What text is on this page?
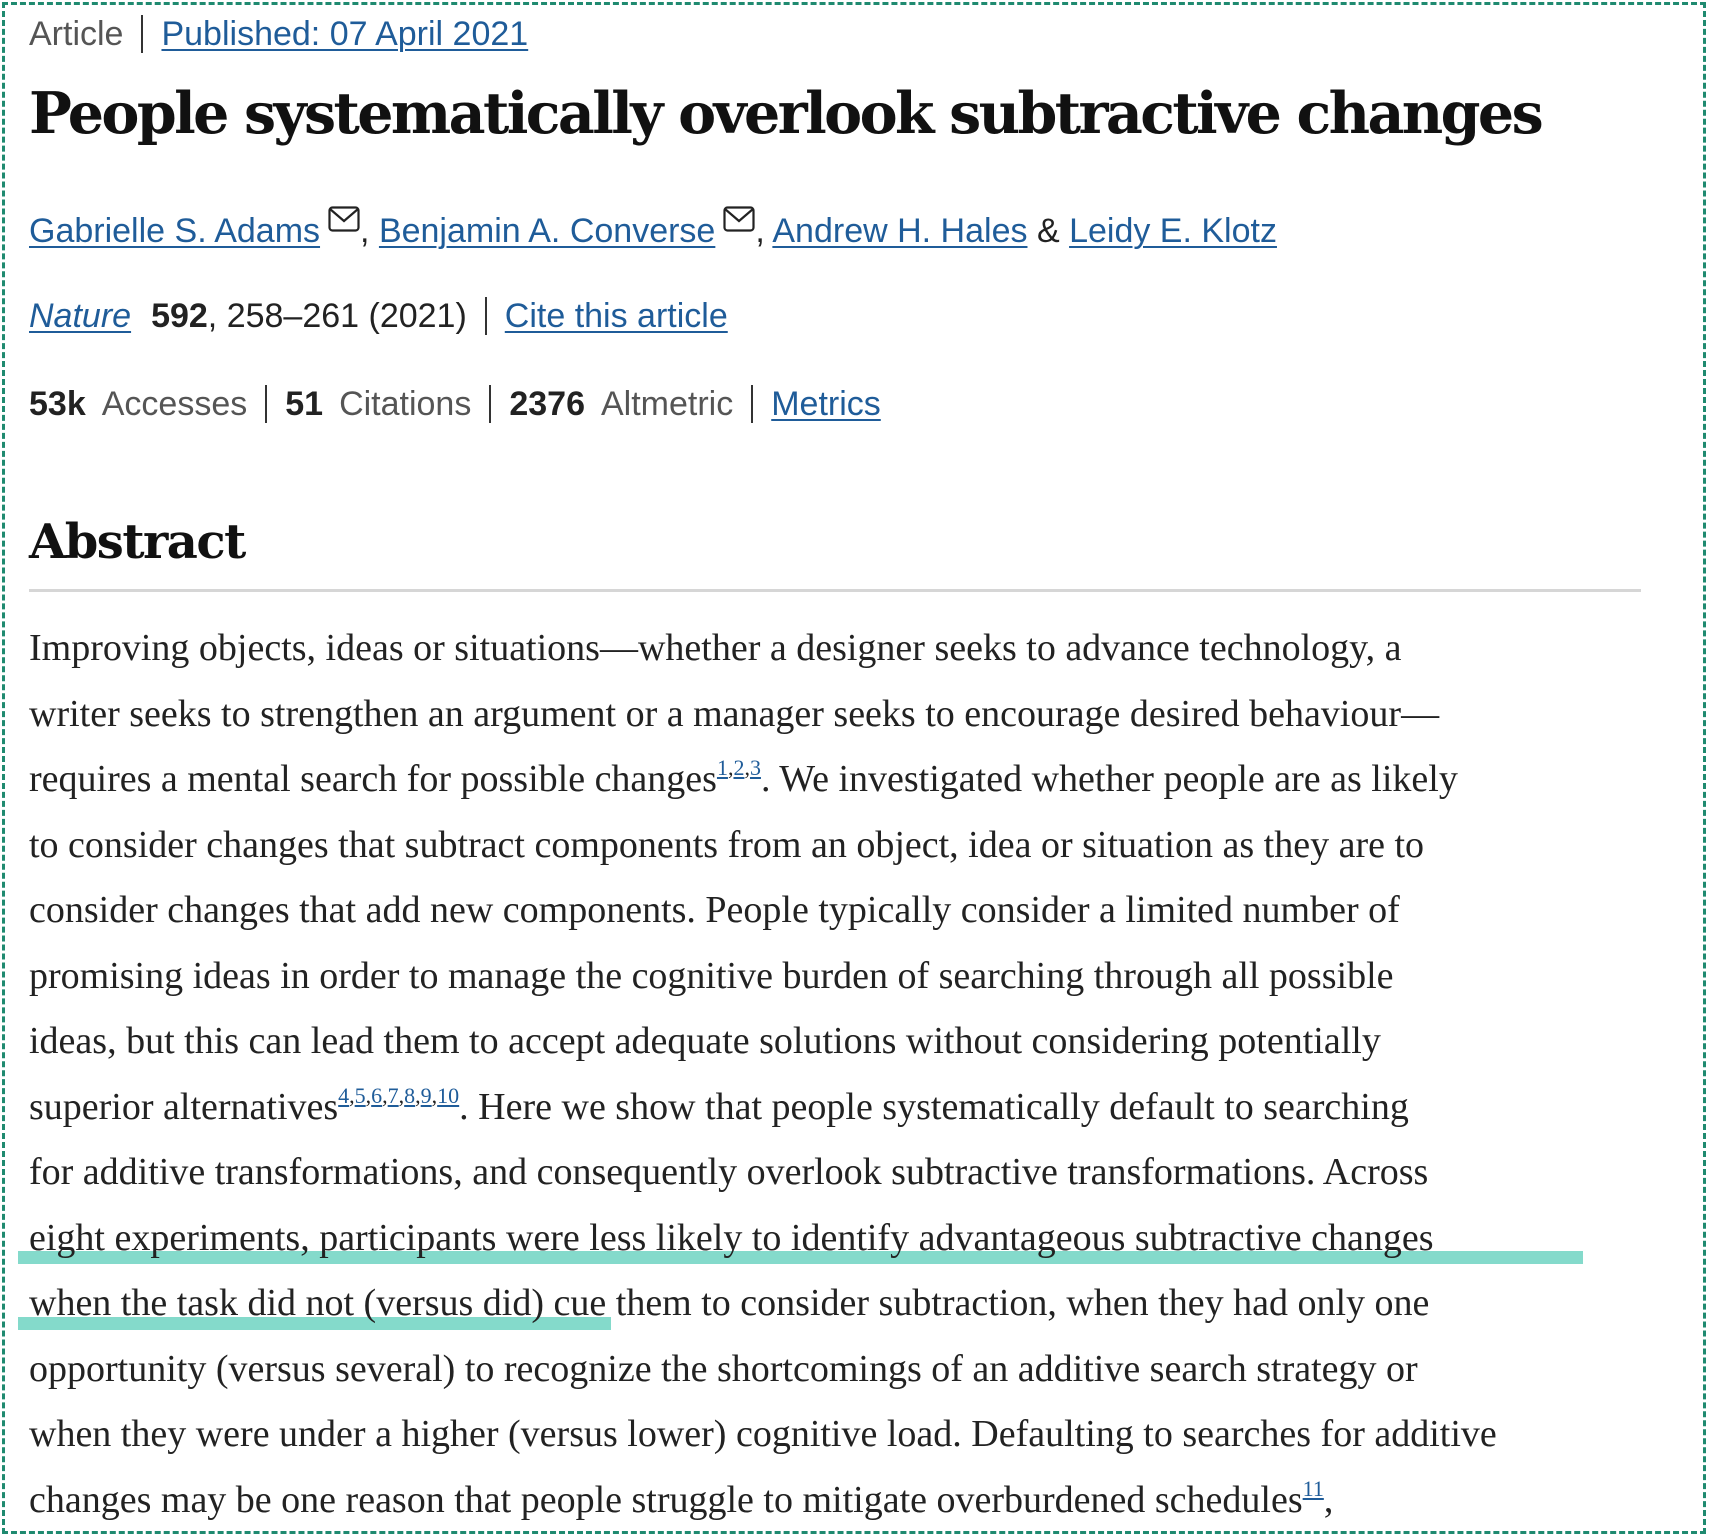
Article Published: 07 April 2021
People systematically overlook subtractive changes
Gabrielle S. Adams , Benjamin A. Converse , Andrew H. Hales & Leidy E. Klotz
Nature 592 , 258–261 (2021) Cite this article
53k Accesses 51 Citations 2376 Altmetric Metrics
Abstract
Improving objects, ideas or situations—whether a designer seeks to advance technology, a
writer seeks to strengthen an argument or a manager seeks to encourage desired behaviour—
requires a mental search for possible changes$^{1,2,3}$. We investigated whether people are as likely
to consider changes that subtract components from an object, idea or situation as they are to
consider changes that add new components. People typically consider a limited number of
promising ideas in order to manage the cognitive burden of searching through all possible
ideas, but this can lead them to accept adequate solutions without considering potentially
superior alternatives$^{4,5,6,7,8,9,10}$. Here we show that people systematically default to searching
for additive transformations, and consequently overlook subtractive transformations. Across
eight experiments, participants were less likely to identify advantageous subtractive changes
when the task did not (versus did) cue them to consider subtraction, when they had only one
opportunity (versus several) to recognize the shortcomings of an additive search strategy or
when they were under a higher (versus lower) cognitive load. Defaulting to searches for additive
changes may be one reason that people struggle to mitigate overburdened schedules$^{11}$,
